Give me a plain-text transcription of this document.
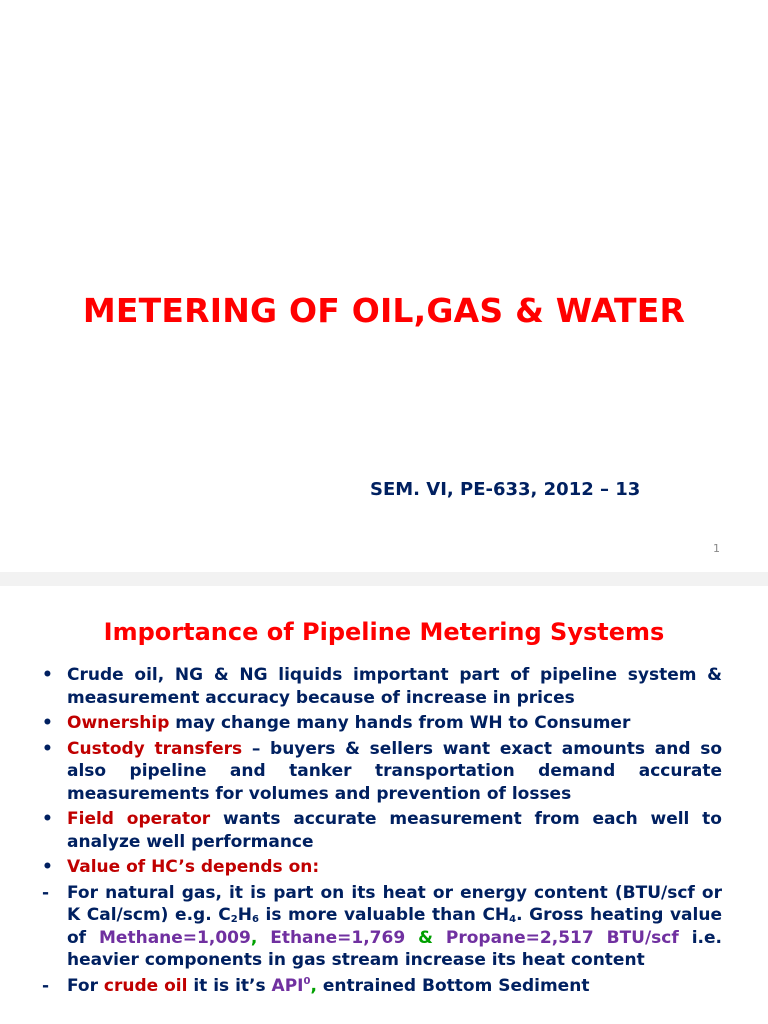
METERING OF OIL,GAS & WATER
SEM. VI, PE-633, 2012 – 13
1
Importance of Pipeline Metering Systems
• Crude oil, NG & NG liquids important part of pipeline system & measurement accuracy because of increase in prices
• Ownership may change many hands from WH to Consumer
• Custody transfers – buyers & sellers want exact amounts and so also pipeline and tanker transportation demand accurate measurements for volumes and prevention of losses
• Field operator wants accurate measurement from each well to analyze well performance
• Value of HC’s depends on:
-	For natural gas, it is part on its heat or energy content (BTU/scf or K Cal/scm) e.g. $C_2H_6$ is more valuable than $CH_4$. Gross heating value of Methane=1,009, Ethane=1,769 & Propane=2,517 BTU/scf i.e. heavier components in gas stream increase its heat content
-	For crude oil it is it’s API$^0$, entrained Bottom Sediment
